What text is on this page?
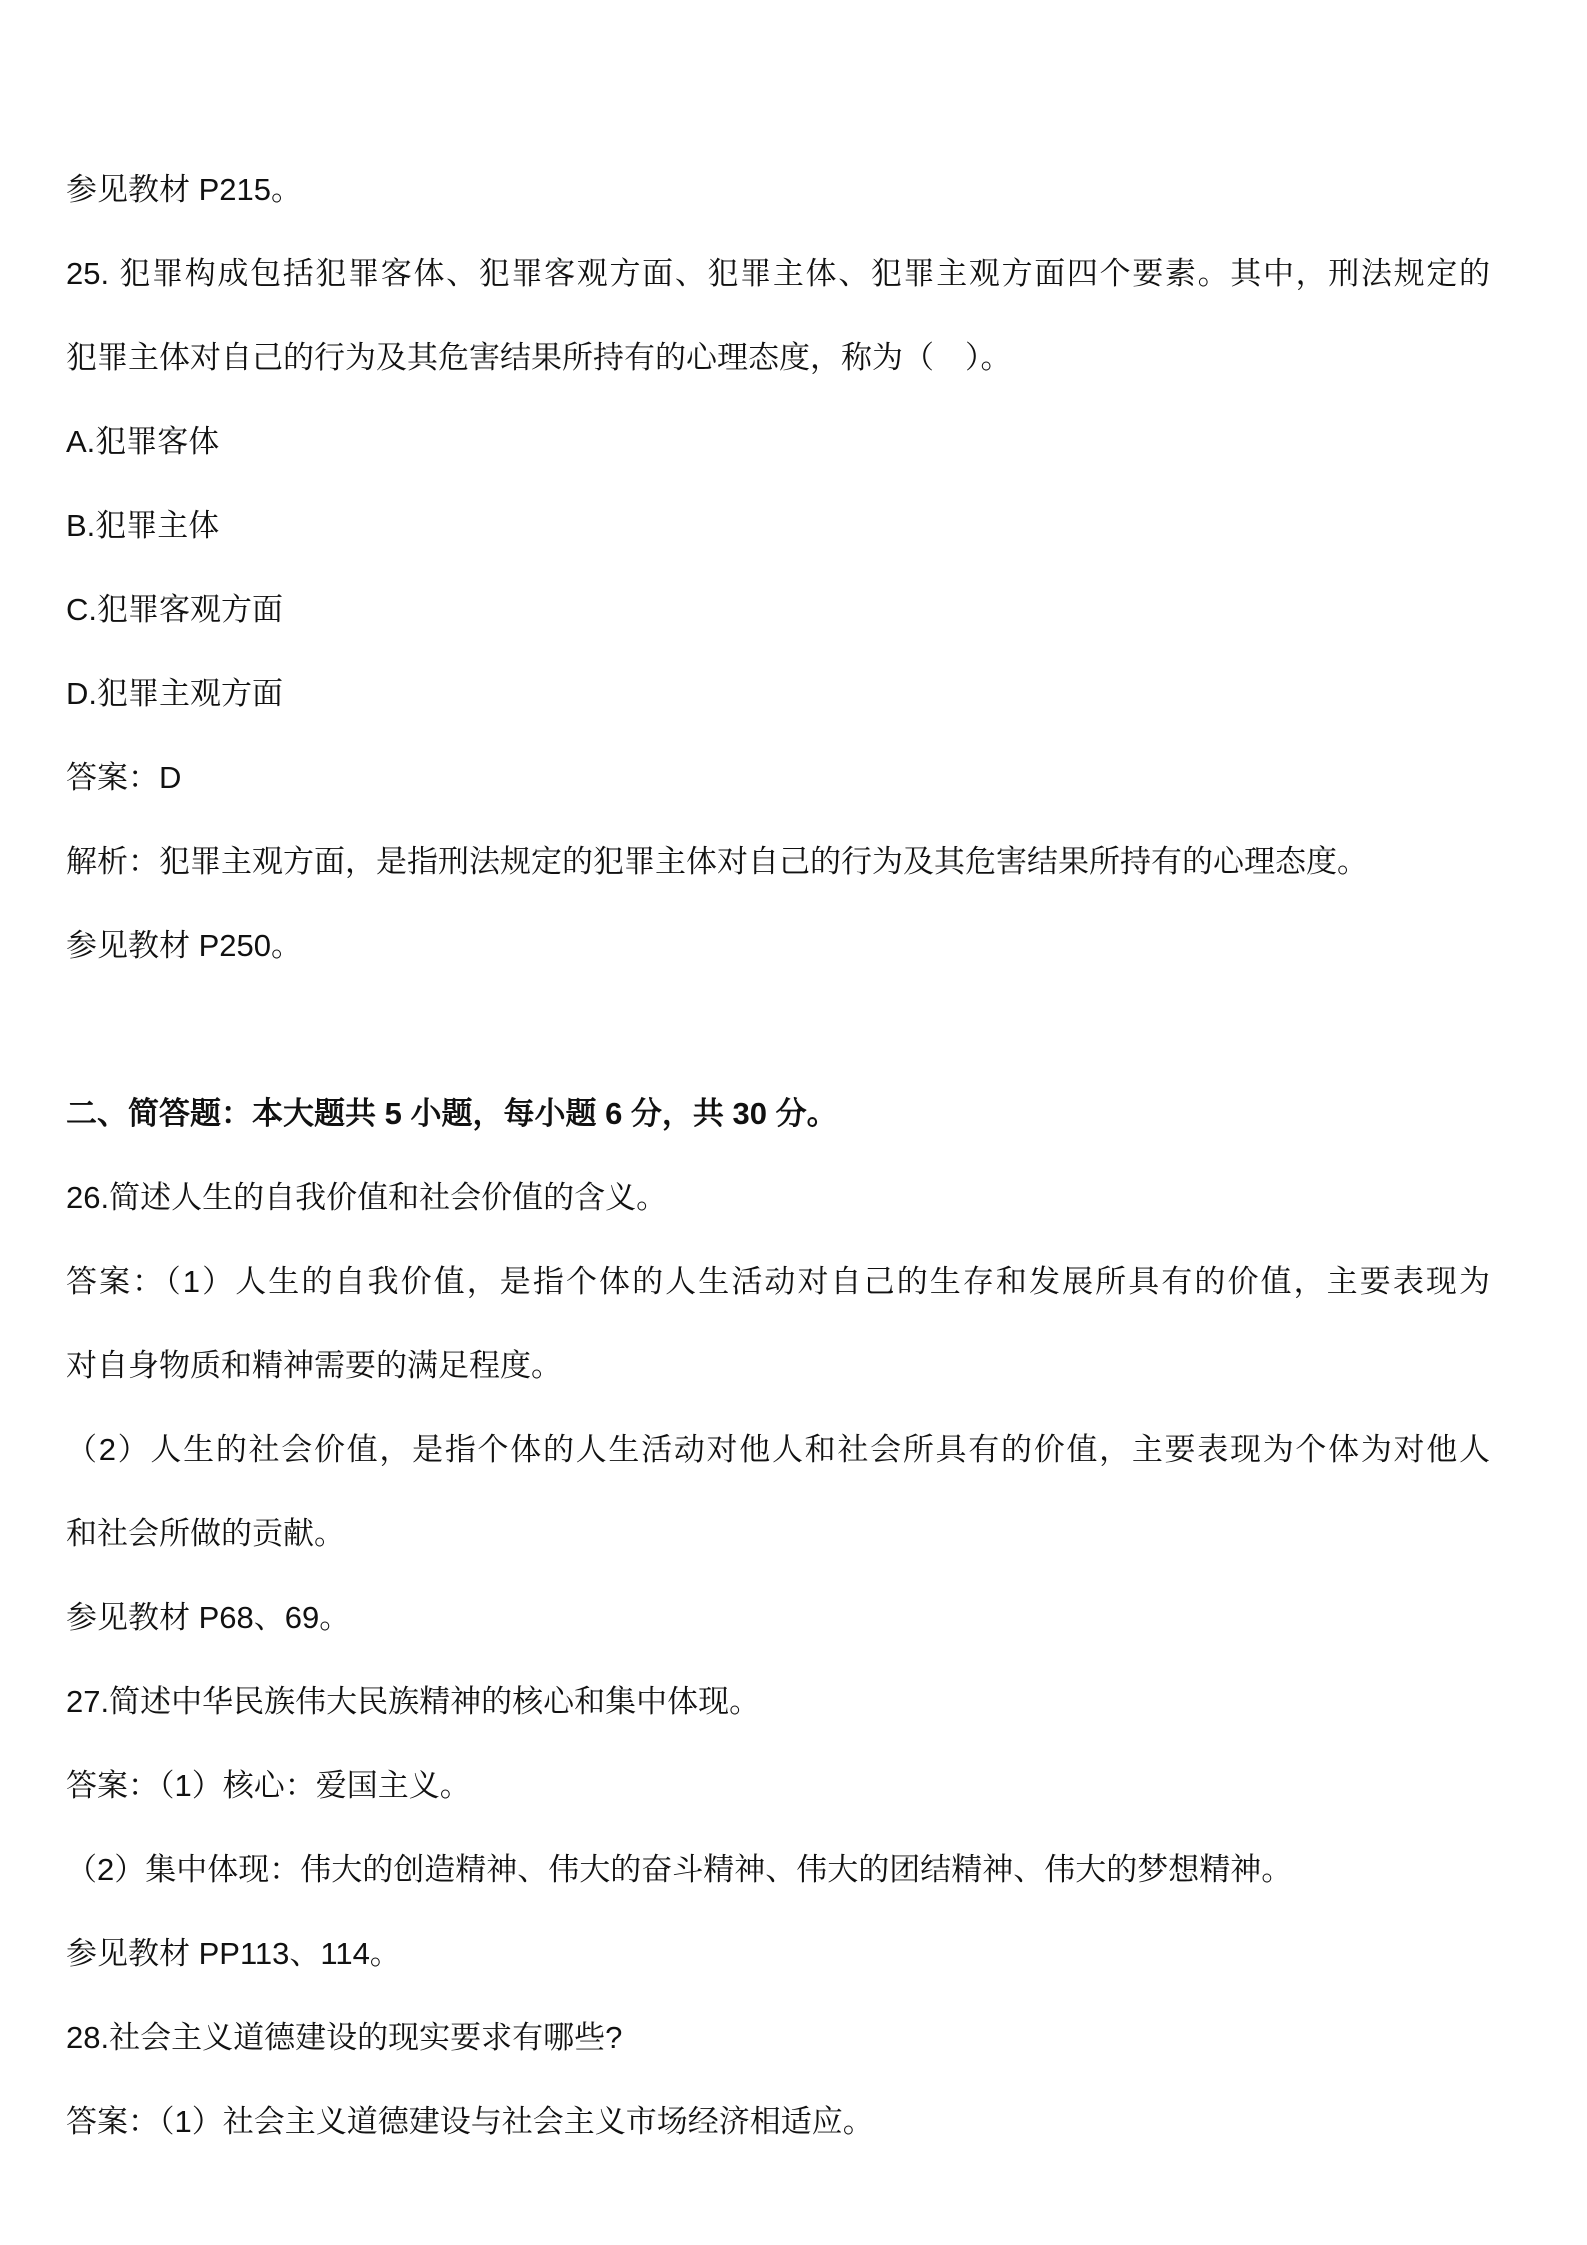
参见教材 P215。
25. 犯罪构成包括犯罪客体、犯罪客观方面、犯罪主体、犯罪主观方面四个要素。其中，刑法规定的
犯罪主体对自己的行为及其危害结果所持有的心理态度，称为（　）。
A.犯罪客体
B.犯罪主体
C.犯罪客观方面
D.犯罪主观方面
答案：D
解析：犯罪主观方面，是指刑法规定的犯罪主体对自己的行为及其危害结果所持有的心理态度。
参见教材 P250。
二、简答题：本大题共 5 小题，每小题 6 分，共 30 分。
26.简述人生的自我价值和社会价值的含义。
答案：（1）人生的自我价值，是指个体的人生活动对自己的生存和发展所具有的价值，主要表现为
对自身物质和精神需要的满足程度。
（2）人生的社会价值，是指个体的人生活动对他人和社会所具有的价值，主要表现为个体为对他人
和社会所做的贡献。
参见教材 P68、69。
27.简述中华民族伟大民族精神的核心和集中体现。
答案：（1）核心：爱国主义。
（2）集中体现：伟大的创造精神、伟大的奋斗精神、伟大的团结精神、伟大的梦想精神。
参见教材 PP113、114。
28.社会主义道德建设的现实要求有哪些?
答案：（1）社会主义道德建设与社会主义市场经济相适应。
